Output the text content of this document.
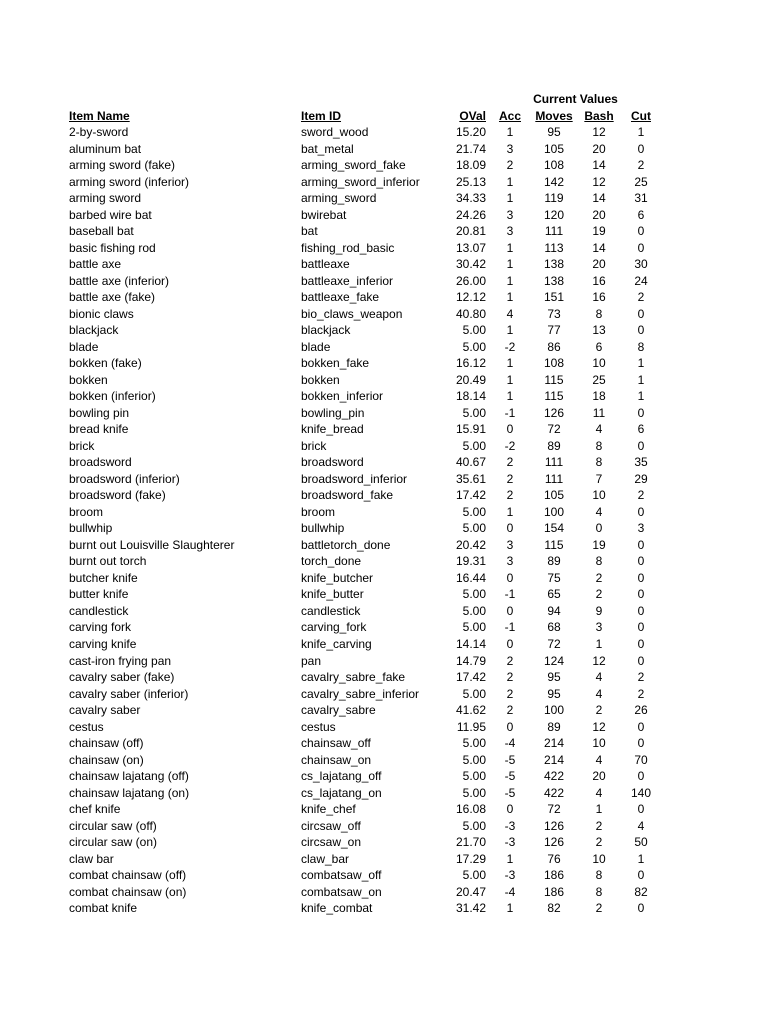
Current Values
Item Name	Item ID	OVal Acc Moves Bash	Cut
2-by-sword	sword_wood	15.20	1	95	12	1
aluminum bat	bat_metal	21.74	3	105	20	0
arming sword (fake)	arming_sword_fake	18.09	2	108	14	2
arming sword (inferior)	arming_sword_inferior	25.13	1	142	12	25
arming sword	arming_sword	34.33	1	119	14	31
barbed wire bat	bwirebat	24.26	3	120	20	6
baseball bat	bat	20.81	3	111	19	0
basic fishing rod	fishing_rod_basic	13.07	1	113	14	0
battle axe	battleaxe	30.42	1	138	20	30
battle axe (inferior)	battleaxe_inferior	26.00	1	138	16	24
battle axe (fake)	battleaxe_fake	12.12	1	151	16	2
bionic claws	bio_claws_weapon	40.80	4	73	8	0
blackjack	blackjack	5.00	1	77	13	0
blade	blade	5.00	-2	86	6	8
bokken (fake)	bokken_fake	16.12	1	108	10	1
bokken	bokken	20.49	1	115	25	1
bokken (inferior)	bokken_inferior	18.14	1	115	18	1
bowling pin	bowling_pin	5.00	-1	126	11	0
bread knife	knife_bread	15.91	0	72	4	6
brick	brick	5.00	-2	89	8	0
broadsword	broadsword	40.67	2	111	8	35
broadsword (inferior)	broadsword_inferior	35.61	2	111	7	29
broadsword (fake)	broadsword_fake	17.42	2	105	10	2
broom	broom	5.00	1	100	4	0
bullwhip	bullwhip	5.00	0	154	0	3
burnt out Louisville Slaughterer	battletorch_done	20.42	3	115	19	0
burnt out torch	torch_done	19.31	3	89	8	0
butcher knife	knife_butcher	16.44	0	75	2	0
butter knife	knife_butter	5.00	-1	65	2	0
candlestick	candlestick	5.00	0	94	9	0
carving fork	carving_fork	5.00	-1	68	3	0
carving knife	knife_carving	14.14	0	72	1	0
cast-iron frying pan	pan	14.79	2	124	12	0
cavalry saber (fake)	cavalry_sabre_fake	17.42	2	95	4	2
cavalry saber (inferior)	cavalry_sabre_inferior	5.00	2	95	4	2
cavalry saber	cavalry_sabre	41.62	2	100	2	26
cestus	cestus	11.95	0	89	12	0
chainsaw (off)	chainsaw_off	5.00	-4	214	10	0
chainsaw (on)	chainsaw_on	5.00	-5	214	4	70
chainsaw lajatang (off)	cs_lajatang_off	5.00	-5	422	20	0
chainsaw lajatang (on)	cs_lajatang_on	5.00	-5	422	4	140
chef knife	knife_chef	16.08	0	72	1	0
circular saw (off)	circsaw_off	5.00	-3	126	2	4
circular saw (on)	circsaw_on	21.70	-3	126	2	50
claw bar	claw_bar	17.29	1	76	10	1
combat chainsaw (off)	combatsaw_off	5.00	-3	186	8	0
combat chainsaw (on)	combatsaw_on	20.47	-4	186	8	82
combat knife	knife_combat	31.42	1	82	2	0
